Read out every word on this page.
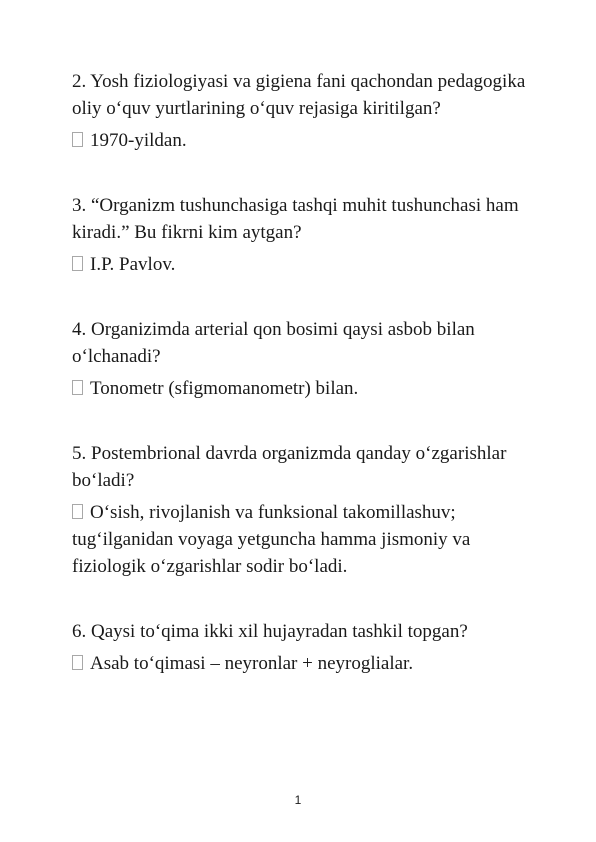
2. Yosh fiziologiyasi va gigiena fani qachondan pedagogika oliy o‘quv yurtlarining o‘quv rejasiga kiritilgan?

1970-yildan.

3. “Organizm tushunchasiga tashqi muhit tushunchasi ham kiradi.” Bu fikrni kim aytgan?

I.P. Pavlov.

4. Organizimda arterial qon bosimi qaysi asbob bilan o‘lchanadi?

Tonometr (sfigmomanometr) bilan.

5. Postembrional davrda organizmda qanday o‘zgarishlar bo‘ladi?

O‘sish, rivojlanish va funksional takomillashuv; tug‘ilganidan voyaga yetguncha hamma jismoniy va fiziologik o‘zgarishlar sodir bo‘ladi.

6. Qaysi to‘qima ikki xil hujayradan tashkil topgan?

Asab to‘qimasi – neyronlar + neyroglialar.

1
